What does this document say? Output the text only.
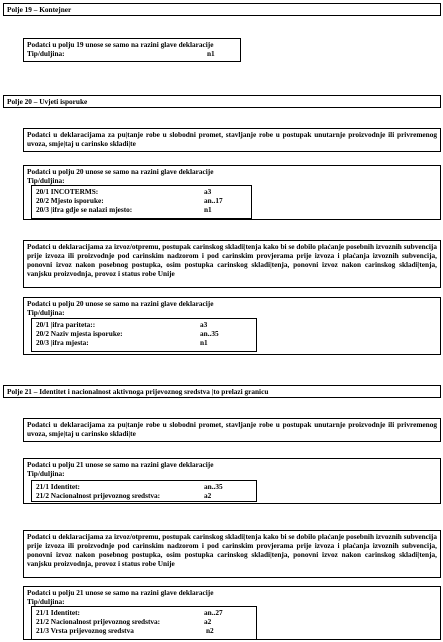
Polje 19 – Kontejner
Podatci u polju 19 unose se samo na razini glave deklaracije
Tip/duljina:	n1
Polje 20 – Uvjeti isporuke
Podatci u deklaracijama za pu|tanje robe u slobodni promet, stavljanje robe u postupak unutarnje proizvodnje ili privremenog uvoza, smje|taj u carinsko skladi|te
Podatci u polju 20 unose se samo na razini glave deklaracije
Tip/duljina:
20/1 INCOTERMS:	a3
20/2 Mjesto isporuke:	an..17
20/3 |ifra gdje se nalazi mjesto:	n1
Podatci u deklaracijama za izvoz/otpremu, postupak carinskog skladi|tenja kako bi se dobilo plaćanje posebnih izvoznih subvencija prije izvoza ili proizvodnje pod carinskim nadzorom i pod carinskim provjerama prije izvoza i plaćanja izvoznih subvencija, ponovni izvoz nakon posebnog postupka, osim postupka carinskog skladi|tenja, ponovni izvoz nakon carinskog skladi|tenja, vanjsku proizvodnja, provoz i status robe Unije
Podatci u polju 20 unose se samo na razini glave deklaracije
Tip/duljina:
20/1 |ifra pariteta::	a3
20/2 Naziv mjesta isporuke:	an..35
20/3 |ifra mjesta:	n1
Polje 21 – Identitet i nacionalnost aktivnoga prijevoznog sredstva |to prelazi granicu
Podatci u deklaracijama za pu|tanje robe u slobodni promet, stavljanje robe u postupak unutarnje proizvodnje ili privremenog uvoza, smje|taj u carinsko skladi|te
Podatci u polju 21 unose se samo na razini glave deklaracije
Tip/duljina:
21/1 Identitet:	an..35
21/2 Nacionalnost prijevoznog sredstva:	a2
Podatci u deklaracijama za izvoz/otpremu, postupak carinskog skladi|tenja kako bi se dobilo plaćanje posebnih izvoznih subvencija prije izvoza ili proizvodnje pod carinskim nadzorom i pod carinskim provjerama prije izvoza i plaćanja izvoznih subvencija, ponovni izvoz nakon posebnog postupka, osim postupka carinskog skladi|tenja, ponovni izvoz nakon carinskog skladi|tenja, vanjsku proizvodnja, provoz i status robe Unije
Podatci u polju 21 unose se samo na razini glave deklaracije
Tip/duljina:
21/1 Identitet:	an..27
21/2 Nacionalnost prijevoznog sredstva:	a2
21/3 Vrsta prijevoznog sredstva	n2
